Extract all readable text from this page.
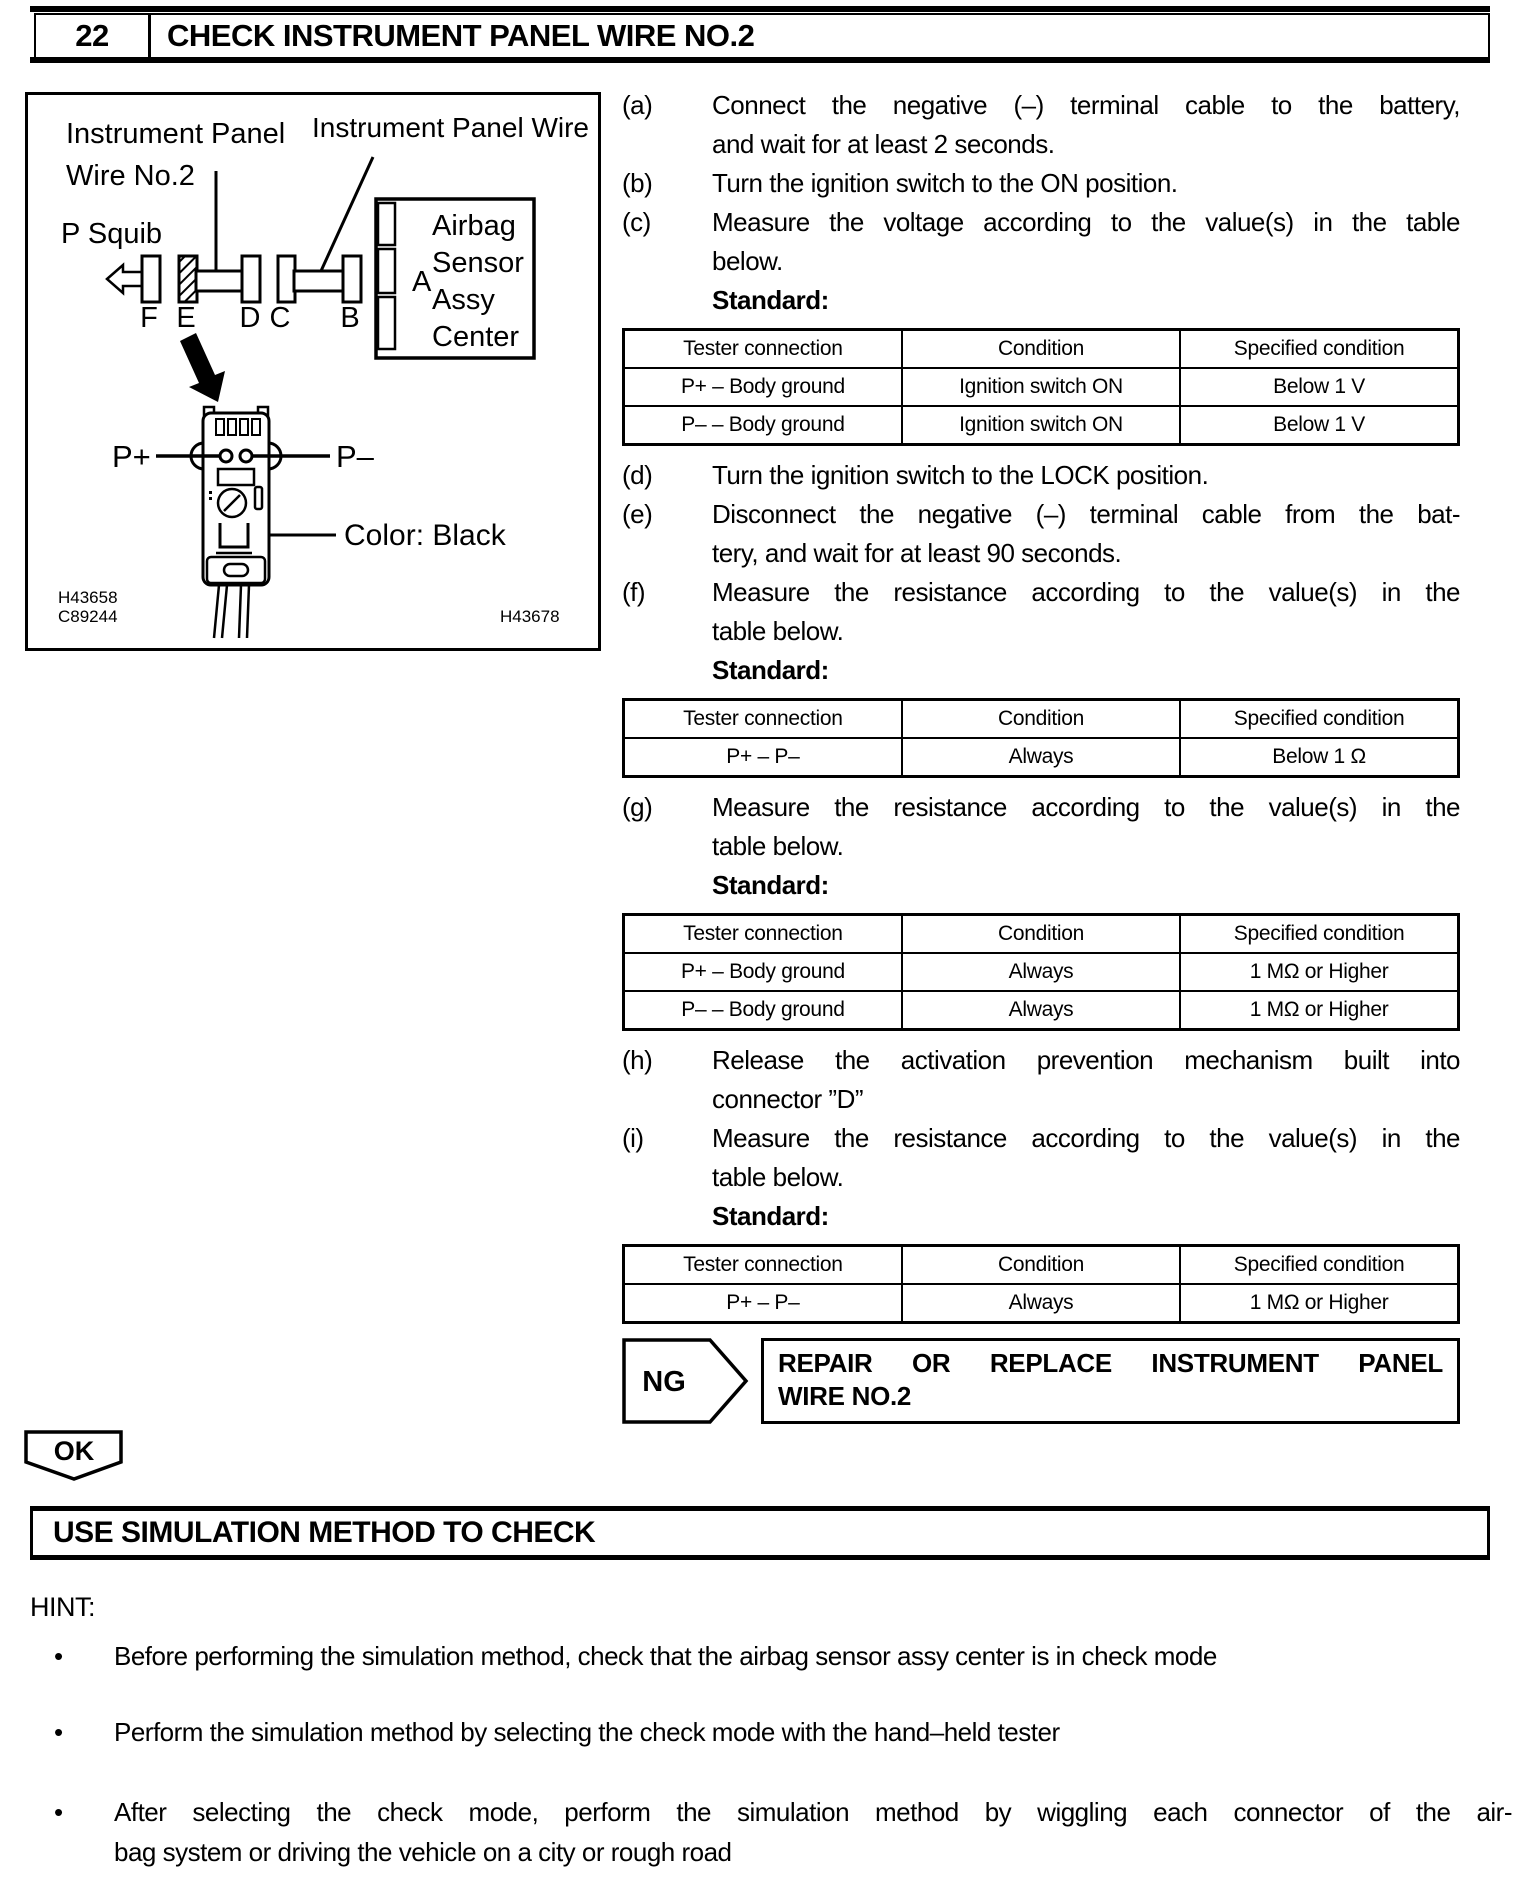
22	CHECK INSTRUMENT PANEL WIRE NO.2
Instrument Panel
Wire No.2
Instrument Panel Wire
P Squib
F E D C B
A
Airbag
Sensor
Assy
Center
P+	P–
Color: Black
H43658
C89244	H43678
(a)	Connect the negative (–) terminal cable to the battery,
and wait for at least 2 seconds.
(b)	Turn the ignition switch to the ON position.
(c)	Measure the voltage according to the value(s) in the table
below.
Standard:
Tester connection	Condition	Specified condition
P+ – Body ground	Ignition switch ON	Below 1 V
P– – Body ground	Ignition switch ON	Below 1 V
(d)	Turn the ignition switch to the LOCK position.
(e)	Disconnect the negative (–) terminal cable from the bat-
tery, and wait for at least 90 seconds.
(f)	Measure the resistance according to the value(s) in the
table below.
Standard:
Tester connection	Condition	Specified condition
P+ – P–	Always	Below 1 Ω
(g)	Measure the resistance according to the value(s) in the
table below.
Standard:
Tester connection	Condition	Specified condition
P+ – Body ground	Always	1 MΩ or Higher
P– – Body ground	Always	1 MΩ or Higher
(h)	Release the activation prevention mechanism built into
connector ”D”
(i)	Measure the resistance according to the value(s) in the
table below.
Standard:
Tester connection	Condition	Specified condition
P+ – P–	Always	1 MΩ or Higher
NG
REPAIR OR REPLACE INSTRUMENT PANEL
WIRE NO.2
OK
USE SIMULATION METHOD TO CHECK
HINT:
•	Before performing the simulation method, check that the airbag sensor assy center is in check mode
•	Perform the simulation method by selecting the check mode with the hand–held tester
•	After selecting the check mode, perform the simulation method by wiggling each connector of the air-
bag system or driving the vehicle on a city or rough road
